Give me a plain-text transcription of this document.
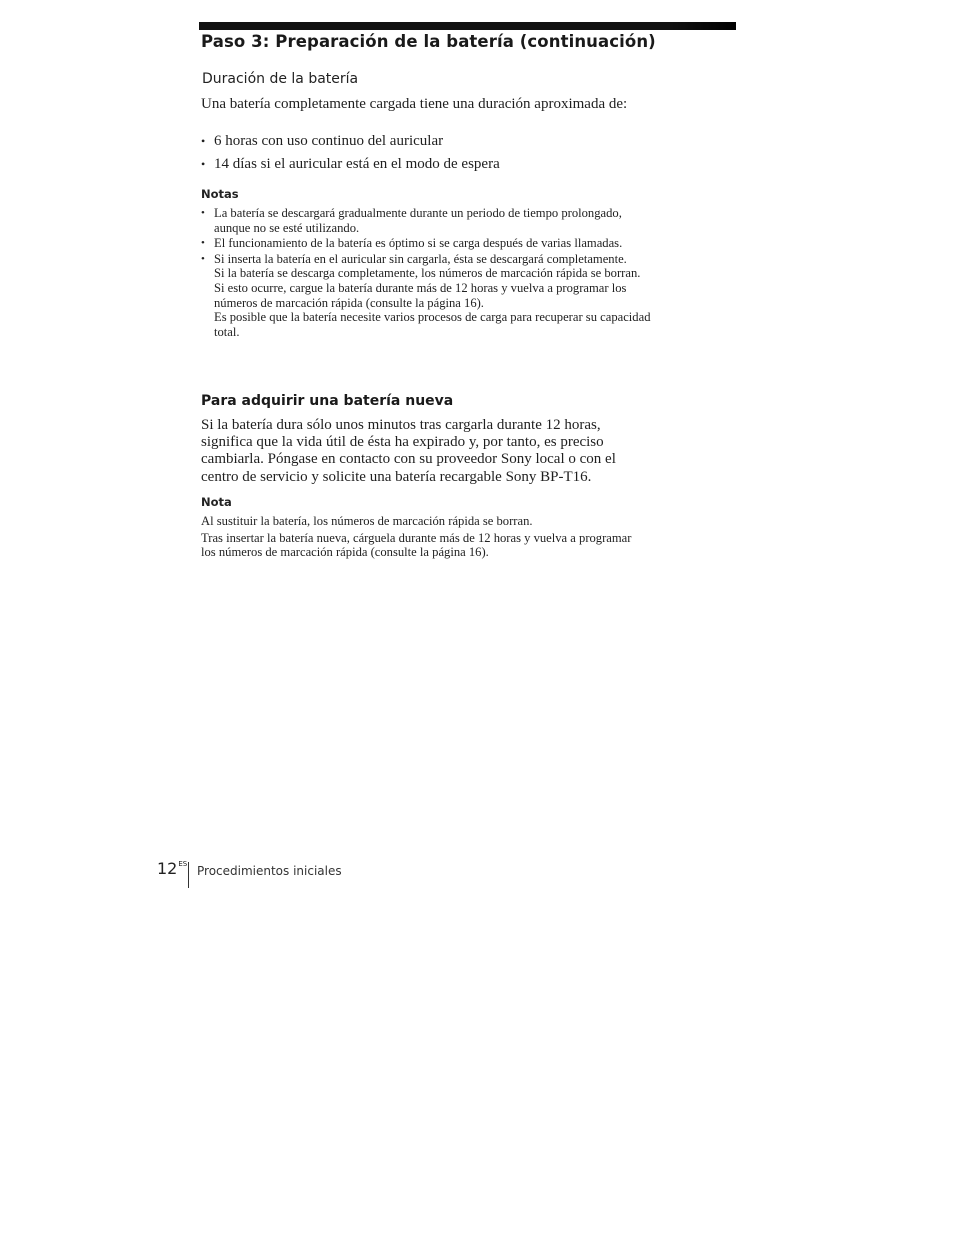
Paso 3: Preparación de la batería (continuación)
Duración de la batería
Una batería completamente cargada tiene una duración aproximada de:
• 6 horas con uso continuo del auricular
• 14 días si el auricular está en el modo de espera
Notas
• La batería se descargará gradualmente durante un periodo de tiempo prolongado, aunque no se esté utilizando.
• El funcionamiento de la batería es óptimo si se carga después de varias llamadas.
• Si inserta la batería en el auricular sin cargarla, ésta se descargará completamente.
Si la batería se descarga completamente, los números de marcación rápida se borran. Si esto ocurre, cargue la batería durante más de 12 horas y vuelva a programar los números de marcación rápida (consulte la página 16).
Es posible que la batería necesite varios procesos de carga para recuperar su capacidad total.
Para adquirir una batería nueva
Si la batería dura sólo unos minutos tras cargarla durante 12 horas, significa que la vida útil de ésta ha expirado y, por tanto, es preciso cambiarla. Póngase en contacto con su proveedor Sony local o con el centro de servicio y solicite una batería recargable Sony BP-T16.
Nota

Al sustituir la batería, los números de marcación rápida se borran.

Tras insertar la batería nueva, cárguela durante más de 12 horas y vuelva a programar los números de marcación rápida (consulte la página 16).

$12^{ES}$ Procedimientos iniciales
